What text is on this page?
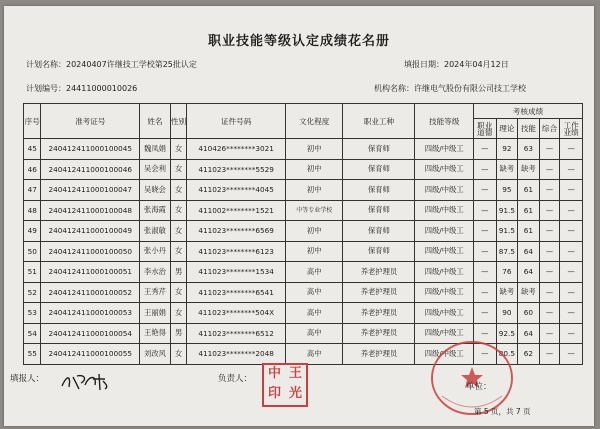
职业技能等级认定成绩花名册
计划名称：20240407许继技工学校第25批认定	填报日期：2024年04月12日
计划编号：24411000010026	机构名称：许继电气股份有限公司技工学校
序号	准考证号	姓名	性别	证件号码	文化程度	职业工种	技能等级	考核成绩				
								职业道德	理论	技能	综合	工作业绩
45	240412411000100045	魏凤娟	女	410426********3021	初中	保育师	四级/中级工	—	92	63	—	—
46	240412411000100046	吴会利	女	411023********5529	初中	保育师	四级/中级工	—	缺考	缺考	—	—
47	240412411000100047	吴晓会	女	411023********4045	初中	保育师	四级/中级工	—	95	61	—	—
48	240412411000100048	张海霞	女	411002********1521	中等专业学校	保育师	四级/中级工	—	91.5	61	—	—
49	240412411000100049	张淑敏	女	411023********6569	初中	保育师	四级/中级工	—	91.5	61	—	—
50	240412411000100050	张小丹	女	411023********6123	初中	保育师	四级/中级工	—	87.5	64	—	—
51	240412411000100051	李水治	男	411023********1534	高中	养老护理员	四级/中级工	—	76	64	—	—
52	240412411000100052	王秀芹	女	411023********6541	高中	养老护理员	四级/中级工	—	缺考	缺考	—	—
53	240412411000100053	王丽娟	女	411023********504X	高中	养老护理员	四级/中级工	—	90	60	—	—
54	240412411000100054	王艳得	男	411023********6512	高中	养老护理员	四级/中级工	—	92.5	64	—	—
55	240412411000100055	刘改风	女	411023********2048	高中	养老护理员	四级/中级工	—	80.5	62	—	—
填报人：	负责人：	中 王
印 光	单位：
第 5 页，共 7 页
